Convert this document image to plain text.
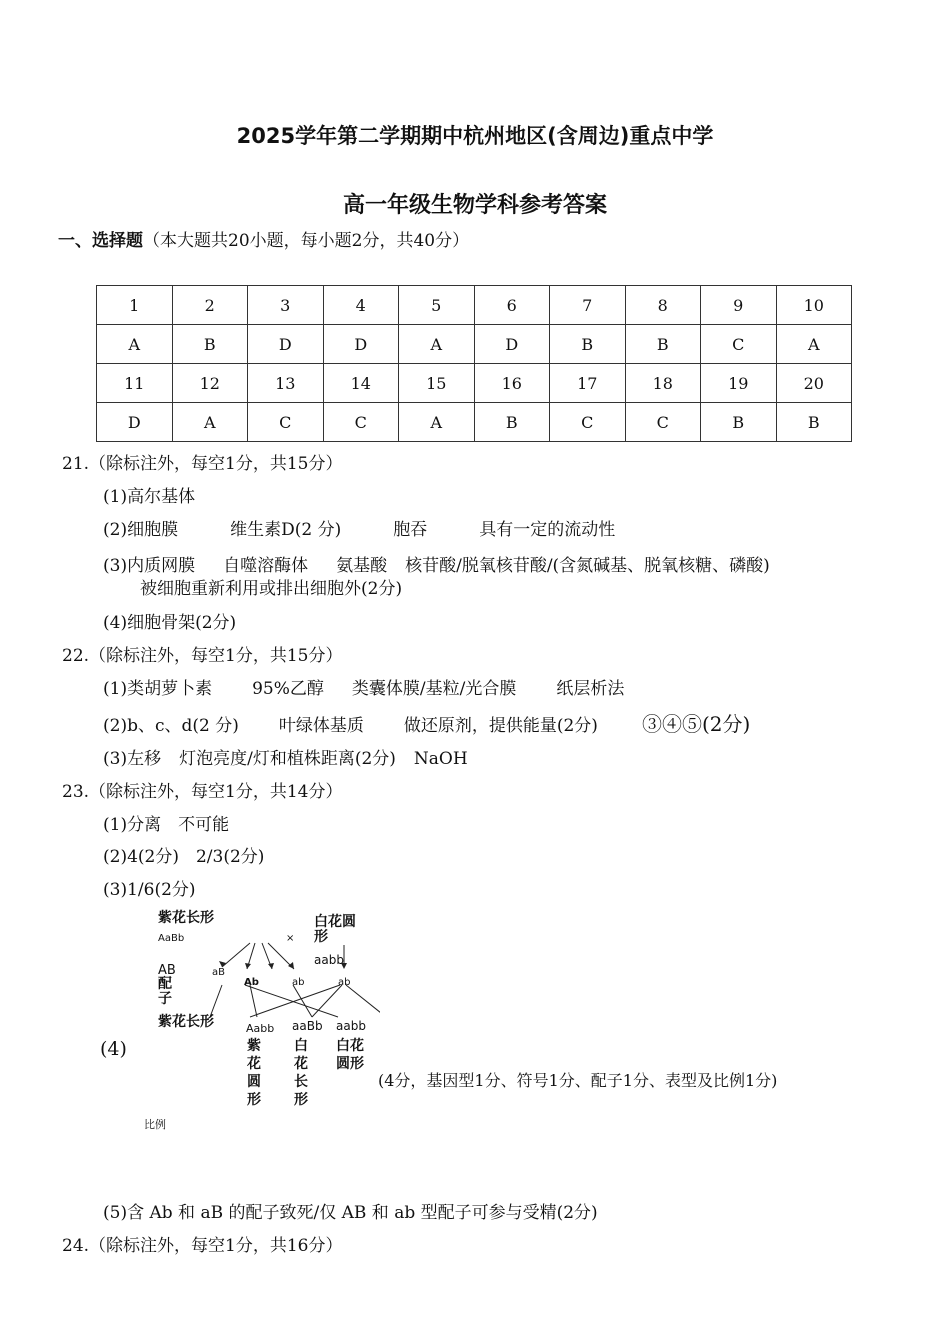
2025学年第二学期期中杭州地区(含周边)重点中学
高一年级生物学科参考答案
一、选择题（本大题共20小题，每小题2分，共40分）
1	2	3	4	5	6	7	8	9	10
A	B	D	D	A	D	B	B	C	A
11	12	13	14	15	16	17	18	19	20
D	A	C	C	A	B	C	C	B	B
21.（除标注外，每空1分，共15分）
(1)高尔基体
(2)细胞膜	维生素D(2 分)	胞吞	具有一定的流动性
(3)内质网膜 自噬溶酶体 氨基酸 核苷酸/脱氧核苷酸/(含氮碱基、脱氧核糖、磷酸)
被细胞重新利用或排出细胞外(2分)
(4)细胞骨架(2分)
22.（除标注外，每空1分，共15分）
(1)类胡萝卜素 95%乙醇 类囊体膜/基粒/光合膜 纸层析法
(2)b、c、d(2 分) 叶绿体基质 做还原剂，提供能量(2分) ③④⑤(2分)
(3)左移 灯泡亮度/灯和植株距离(2分) NaOH
23.（除标注外，每空1分，共14分）
(1)分离　不可能
(2)4(2分)　2/3(2分)
(3)1/6(2分)
(4)
紫花长形
AaBb	×
白花圆形
aabb
AB
配子
aB
Ab	ab	ab
紫花长形	Aabb aaBb aabb
紫花圆形
白花长形
白花圆形
比例
(4分，基因型1分、符号1分、配子1分、表型及比例1分)
(5)含 Ab 和 aB 的配子致死/仅 AB 和 ab 型配子可参与受精(2分)
24.（除标注外，每空1分，共16分）
